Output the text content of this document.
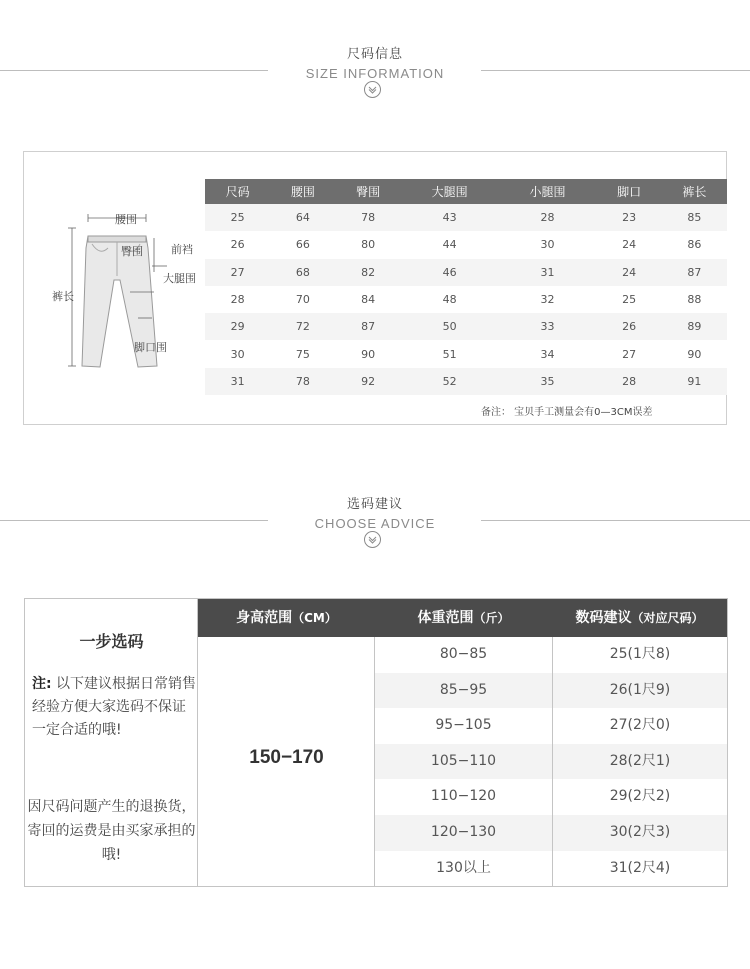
尺码信息
SIZE INFORMATION
腰围
臀围	前裆
大腿围
裤长
脚口围
尺码	腰围	臀围	大腿围	小腿围	脚口	裤长
25	64	78	43	28	23	85
26	66	80	44	30	24	86
27	68	82	46	31	24	87
28	70	84	48	32	25	88
29	72	87	50	33	26	89
30	75	90	51	34	27	90
31	78	92	52	35	28	91
备注： 宝贝手工测量会有0—3CM误差
选码建议
CHOOSE ADVICE
一步选码
注: 以下建议根据日常销售经验方便大家选码不保证一定合适的哦!
因尺码问题产生的退换货，寄回的运费是由买家承担的哦!
身高范围（CM）	体重范围（斤）	数码建议（对应尺码）
150−170
80−85	25(1尺8)
85−95	26(1尺9)
95−105	27(2尺0)
105−110	28(2尺1)
110−120	29(2尺2)
120−130	30(2尺3)
130以上	31(2尺4)
